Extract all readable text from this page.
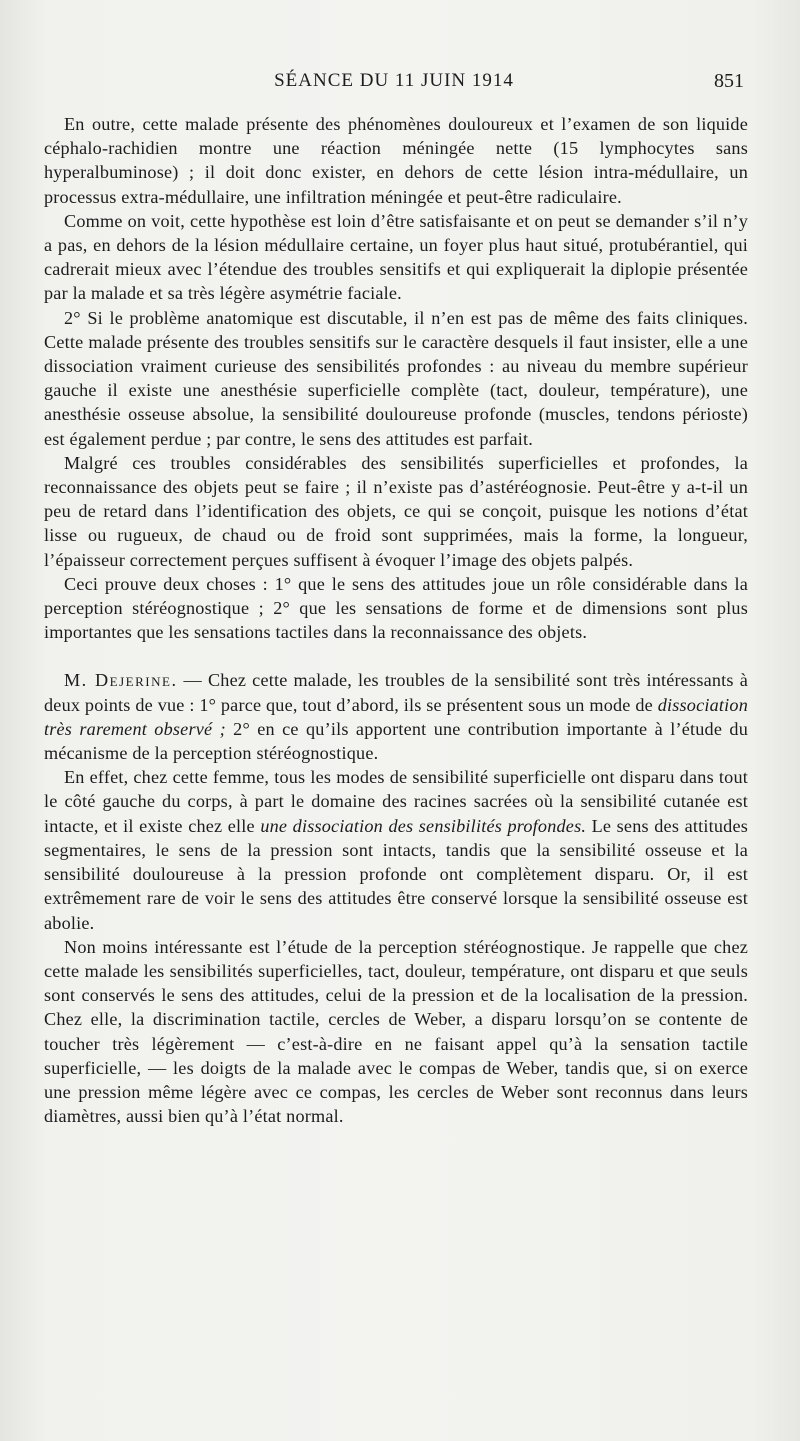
SÉANCE DU 11 JUIN 1914	851

En outre, cette malade présente des phénomènes douloureux et l’examen de son liquide céphalo-rachidien montre une réaction méningée nette (15 lymphocytes sans hyperalbuminose) ; il doit donc exister, en dehors de cette lésion intra-médullaire, un processus extra-médullaire, une infiltration méningée et peut-être radiculaire.

Comme on voit, cette hypothèse est loin d’être satisfaisante et on peut se demander s’il n’y a pas, en dehors de la lésion médullaire certaine, un foyer plus haut situé, protubérantiel, qui cadrerait mieux avec l’étendue des troubles sensitifs et qui expliquerait la diplopie présentée par la malade et sa très légère asymétrie faciale.

2° Si le problème anatomique est discutable, il n’en est pas de même des faits cliniques. Cette malade présente des troubles sensitifs sur le caractère desquels il faut insister, elle a une dissociation vraiment curieuse des sensibilités profondes : au niveau du membre supérieur gauche il existe une anesthésie superficielle complète (tact, douleur, température), une anesthésie osseuse absolue, la sensibilité douloureuse profonde (muscles, tendons périoste) est également perdue ; par contre, le sens des attitudes est parfait.

Malgré ces troubles considérables des sensibilités superficielles et profondes, la reconnaissance des objets peut se faire ; il n’existe pas d’astéréognosie. Peut-être y a-t-il un peu de retard dans l’identification des objets, ce qui se conçoit, puisque les notions d’état lisse ou rugueux, de chaud ou de froid sont supprimées, mais la forme, la longueur, l’épaisseur correctement perçues suffisent à évoquer l’image des objets palpés.

Ceci prouve deux choses : 1° que le sens des attitudes joue un rôle considérable dans la perception stéréognostique ; 2° que les sensations de forme et de dimensions sont plus importantes que les sensations tactiles dans la reconnaissance des objets.

M. Dejerine. — Chez cette malade, les troubles de la sensibilité sont très intéressants à deux points de vue : 1° parce que, tout d’abord, ils se présentent sous un mode de dissociation très rarement observé ; 2° en ce qu’ils apportent une contribution importante à l’étude du mécanisme de la perception stéréognostique.

En effet, chez cette femme, tous les modes de sensibilité superficielle ont disparu dans tout le côté gauche du corps, à part le domaine des racines sacrées où la sensibilité cutanée est intacte, et il existe chez elle une dissociation des sensibilités profondes. Le sens des attitudes segmentaires, le sens de la pression sont intacts, tandis que la sensibilité osseuse et la sensibilité douloureuse à la pression profonde ont complètement disparu. Or, il est extrêmement rare de voir le sens des attitudes être conservé lorsque la sensibilité osseuse est abolie.

Non moins intéressante est l’étude de la perception stéréognostique. Je rappelle que chez cette malade les sensibilités superficielles, tact, douleur, température, ont disparu et que seuls sont conservés le sens des attitudes, celui de la pression et de la localisation de la pression. Chez elle, la discrimination tactile, cercles de Weber, a disparu lorsqu’on se contente de toucher très légèrement — c’est-à-dire en ne faisant appel qu’à la sensation tactile superficielle, — les doigts de la malade avec le compas de Weber, tandis que, si on exerce une pression même légère avec ce compas, les cercles de Weber sont reconnus dans leurs diamètres, aussi bien qu’à l’état normal.
